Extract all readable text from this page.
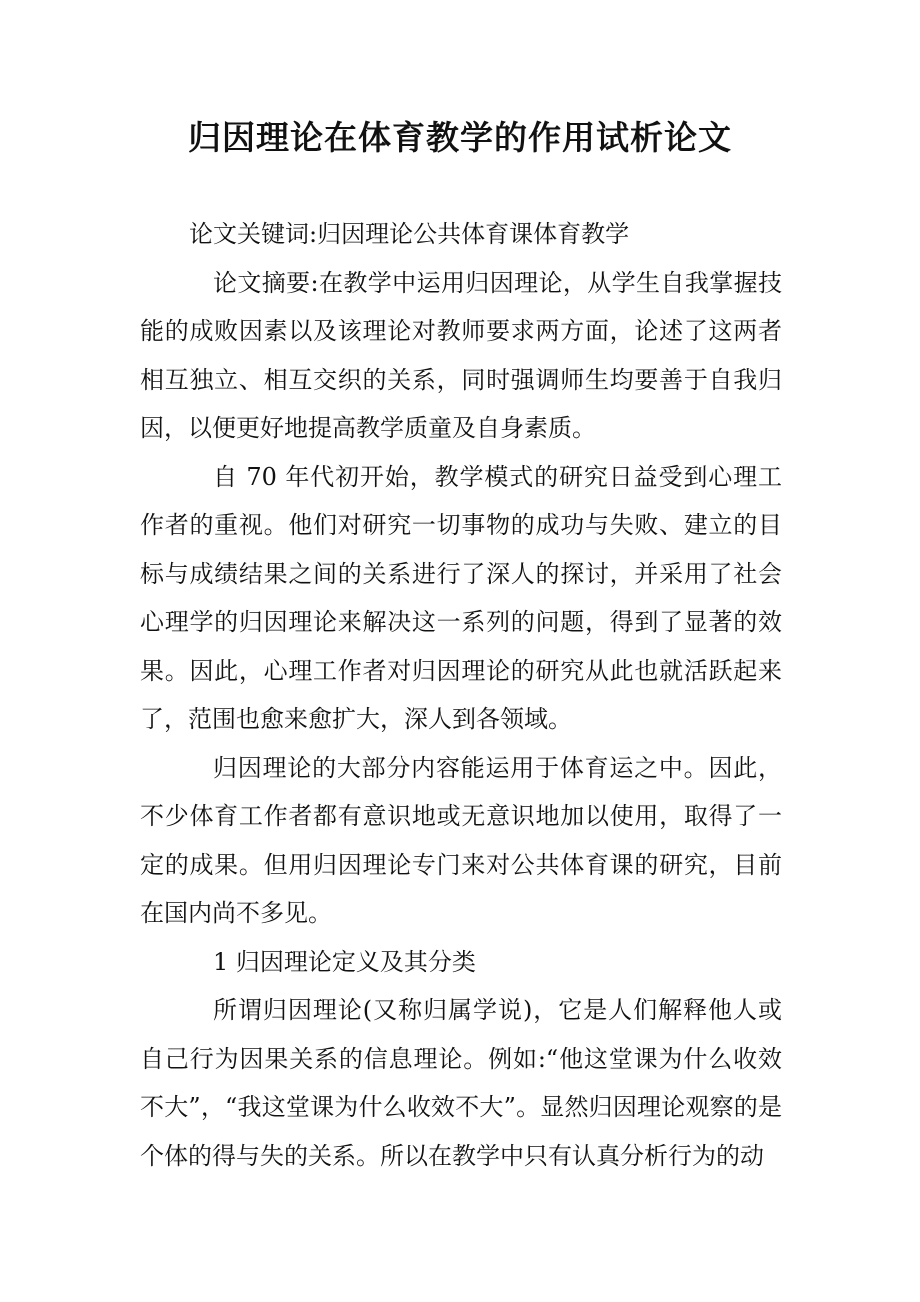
归因理论在体育教学的作用试析论文

论文关键词:归因理论公共体育课体育教学

论文摘要:在教学中运用归因理论，从学生自我掌握技能的成败因素以及该理论对教师要求两方面，论述了这两者相互独立、相互交织的关系，同时强调师生均要善于自我归因，以便更好地提高教学质童及自身素质。

自 70 年代初开始，教学模式的研究日益受到心理工作者的重视。他们对研究一切事物的成功与失败、建立的目标与成绩结果之间的关系进行了深人的探讨，并采用了社会心理学的归因理论来解决这一系列的问题，得到了显著的效果。因此，心理工作者对归因理论的研究从此也就活跃起来了，范围也愈来愈扩大，深人到各领域。

归因理论的大部分内容能运用于体育运之中。因此，不少体育工作者都有意识地或无意识地加以使用，取得了一定的成果。但用归因理论专门来对公共体育课的研究，目前在国内尚不多见。

1 归因理论定义及其分类

所谓归因理论(又称归属学说)，它是人们解释他人或自己行为因果关系的信息理论。例如:“他这堂课为什么收效不大”，“我这堂课为什么收效不大”。显然归因理论观察的是个体的得与失的关系。所以在教学中只有认真分析行为的动
